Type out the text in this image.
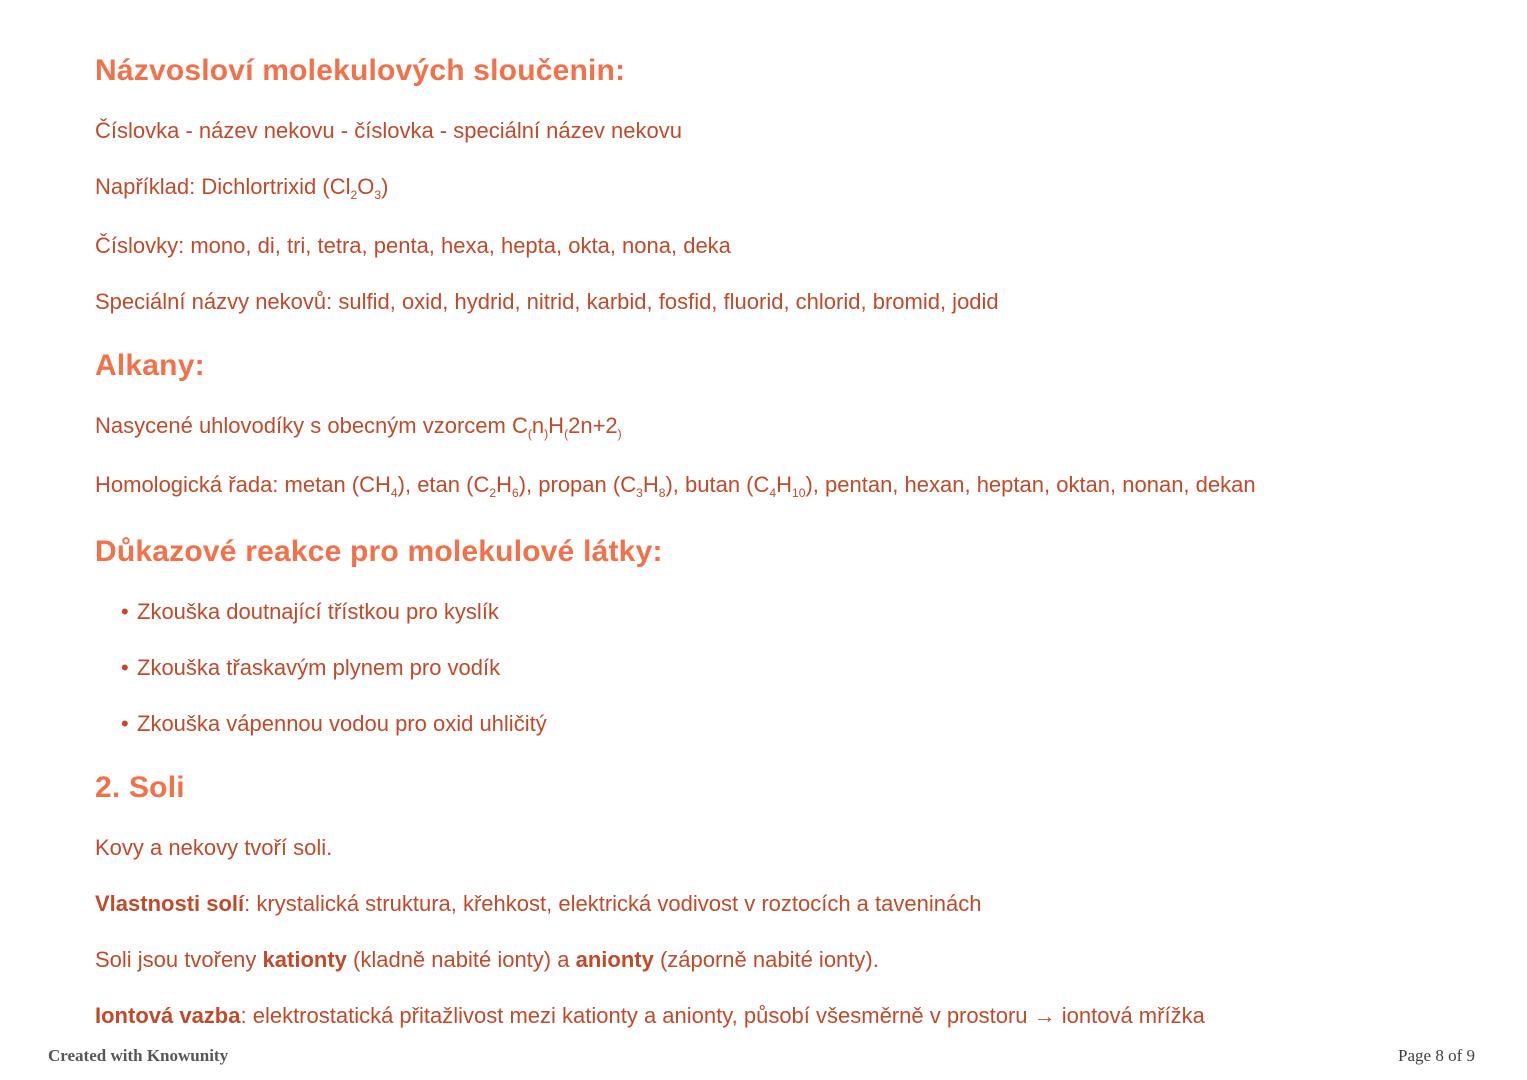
Názvosloví molekulových sloučenin:

Číslovka - název nekovu - číslovka - speciální název nekovu

Například: Dichlortrixid $(Cl_2O_3)$

Číslovky: mono, di, tri, tetra, penta, hexa, hepta, okta, nona, deka

Speciální názvy nekovů: sulfid, oxid, hydrid, nitrid, karbid, fosfid, fluorid, chlorid, bromid, jodid

Alkany:

Nasycené uhlovodíky s obecným vzorcem $C_(n_)H_(2n+2_)$

Homologická řada: metan $(CH_4)$, etan $(C_2H_6)$, propan $(C_3H_8)$, butan $(C_4H_{10})$, pentan, hexan, heptan, oktan, nonan, dekan

Důkazové reakce pro molekulové látky:

• Zkouška doutnající třístkou pro kyslík

• Zkouška třaskavým plynem pro vodík

• Zkouška vápennou vodou pro oxid uhličitý

2. Soli

Kovy a nekovy tvoří soli.

Vlastnosti solí: krystalická struktura, křehkost, elektrická vodivost v roztocích a taveninách

Soli jsou tvořeny kationty (kladně nabité ionty) a anionty (záporně nabité ionty).

Iontová vazba: elektrostatická přitažlivost mezi kationty a anionty, působí všesměrně v prostoru → iontová mřížka

Created with Knowunity	Page 8 of 9
